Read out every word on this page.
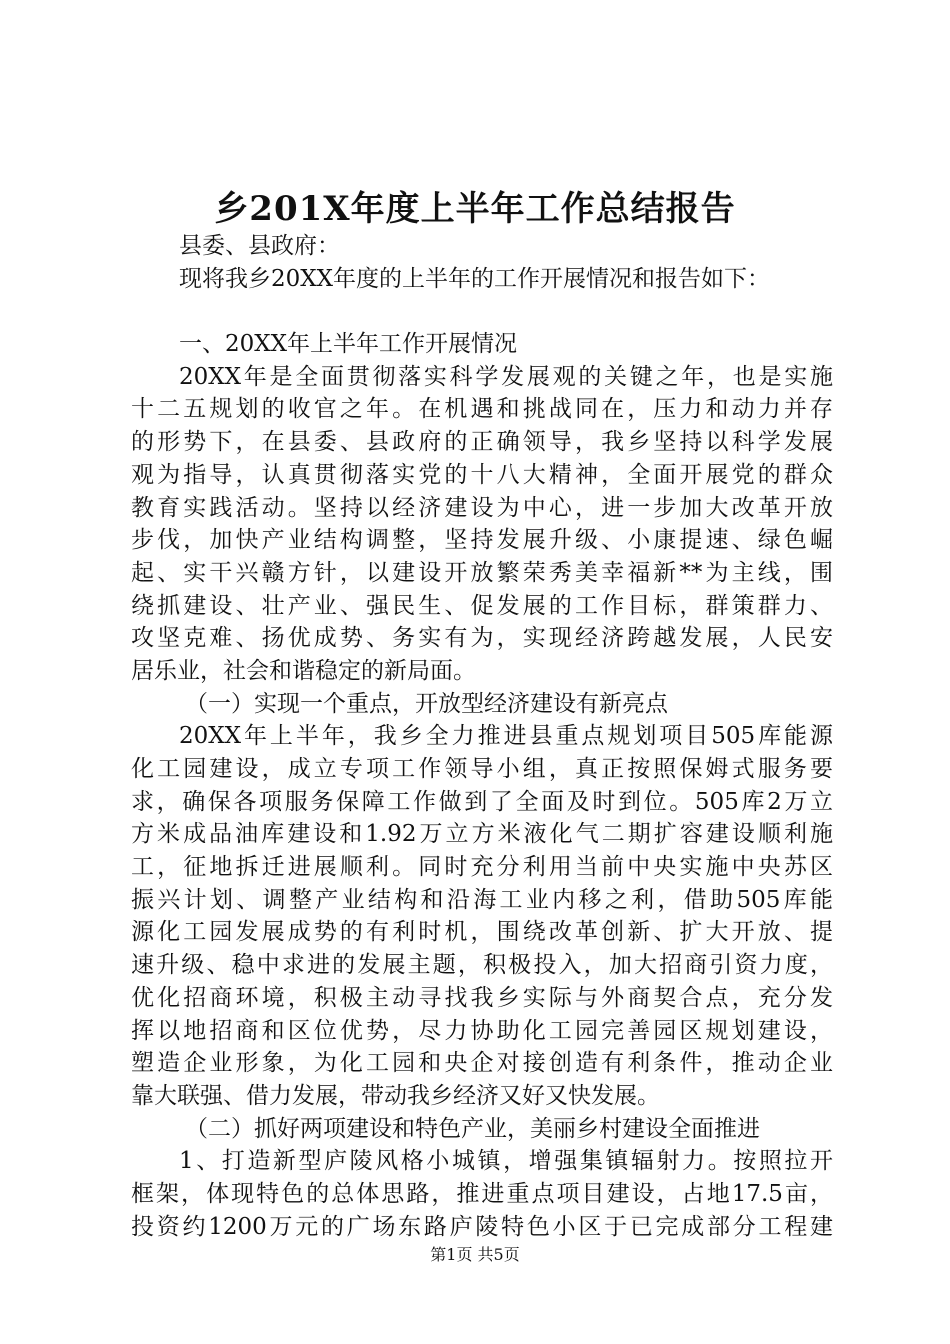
乡201X年度上半年工作总结报告
县委、县政府：
现将我乡20XX年度的上半年的工作开展情况和报告如下：
一、20XX年上半年工作开展情况
20XX年是全面贯彻落实科学发展观的关键之年，也是实施
十二五规划的收官之年。在机遇和挑战同在，压力和动力并存
的形势下，在县委、县政府的正确领导，我乡坚持以科学发展
观为指导，认真贯彻落实党的十八大精神，全面开展党的群众
教育实践活动。坚持以经济建设为中心，进一步加大改革开放
步伐，加快产业结构调整，坚持发展升级、小康提速、绿色崛
起、实干兴赣方针，以建设开放繁荣秀美幸福新**为主线，围
绕抓建设、壮产业、强民生、促发展的工作目标，群策群力、
攻坚克难、扬优成势、务实有为，实现经济跨越发展，人民安
居乐业，社会和谐稳定的新局面。
（一）实现一个重点，开放型经济建设有新亮点
20XX年上半年，我乡全力推进县重点规划项目505库能源
化工园建设，成立专项工作领导小组，真正按照保姆式服务要
求，确保各项服务保障工作做到了全面及时到位。505库2万立
方米成品油库建设和1.92万立方米液化气二期扩容建设顺利施
工，征地拆迁进展顺利。同时充分利用当前中央实施中央苏区
振兴计划、调整产业结构和沿海工业内移之利，借助505库能
源化工园发展成势的有利时机，围绕改革创新、扩大开放、提
速升级、稳中求进的发展主题，积极投入，加大招商引资力度，
优化招商环境，积极主动寻找我乡实际与外商契合点，充分发
挥以地招商和区位优势，尽力协助化工园完善园区规划建设，
塑造企业形象，为化工园和央企对接创造有利条件，推动企业
靠大联强、借力发展，带动我乡经济又好又快发展。
（二）抓好两项建设和特色产业，美丽乡村建设全面推进
1、打造新型庐陵风格小城镇，增强集镇辐射力。按照拉开
框架，体现特色的总体思路，推进重点项目建设，占地17.5亩，
投资约1200万元的广场东路庐陵特色小区于已完成部分工程建
第1页 共5页
